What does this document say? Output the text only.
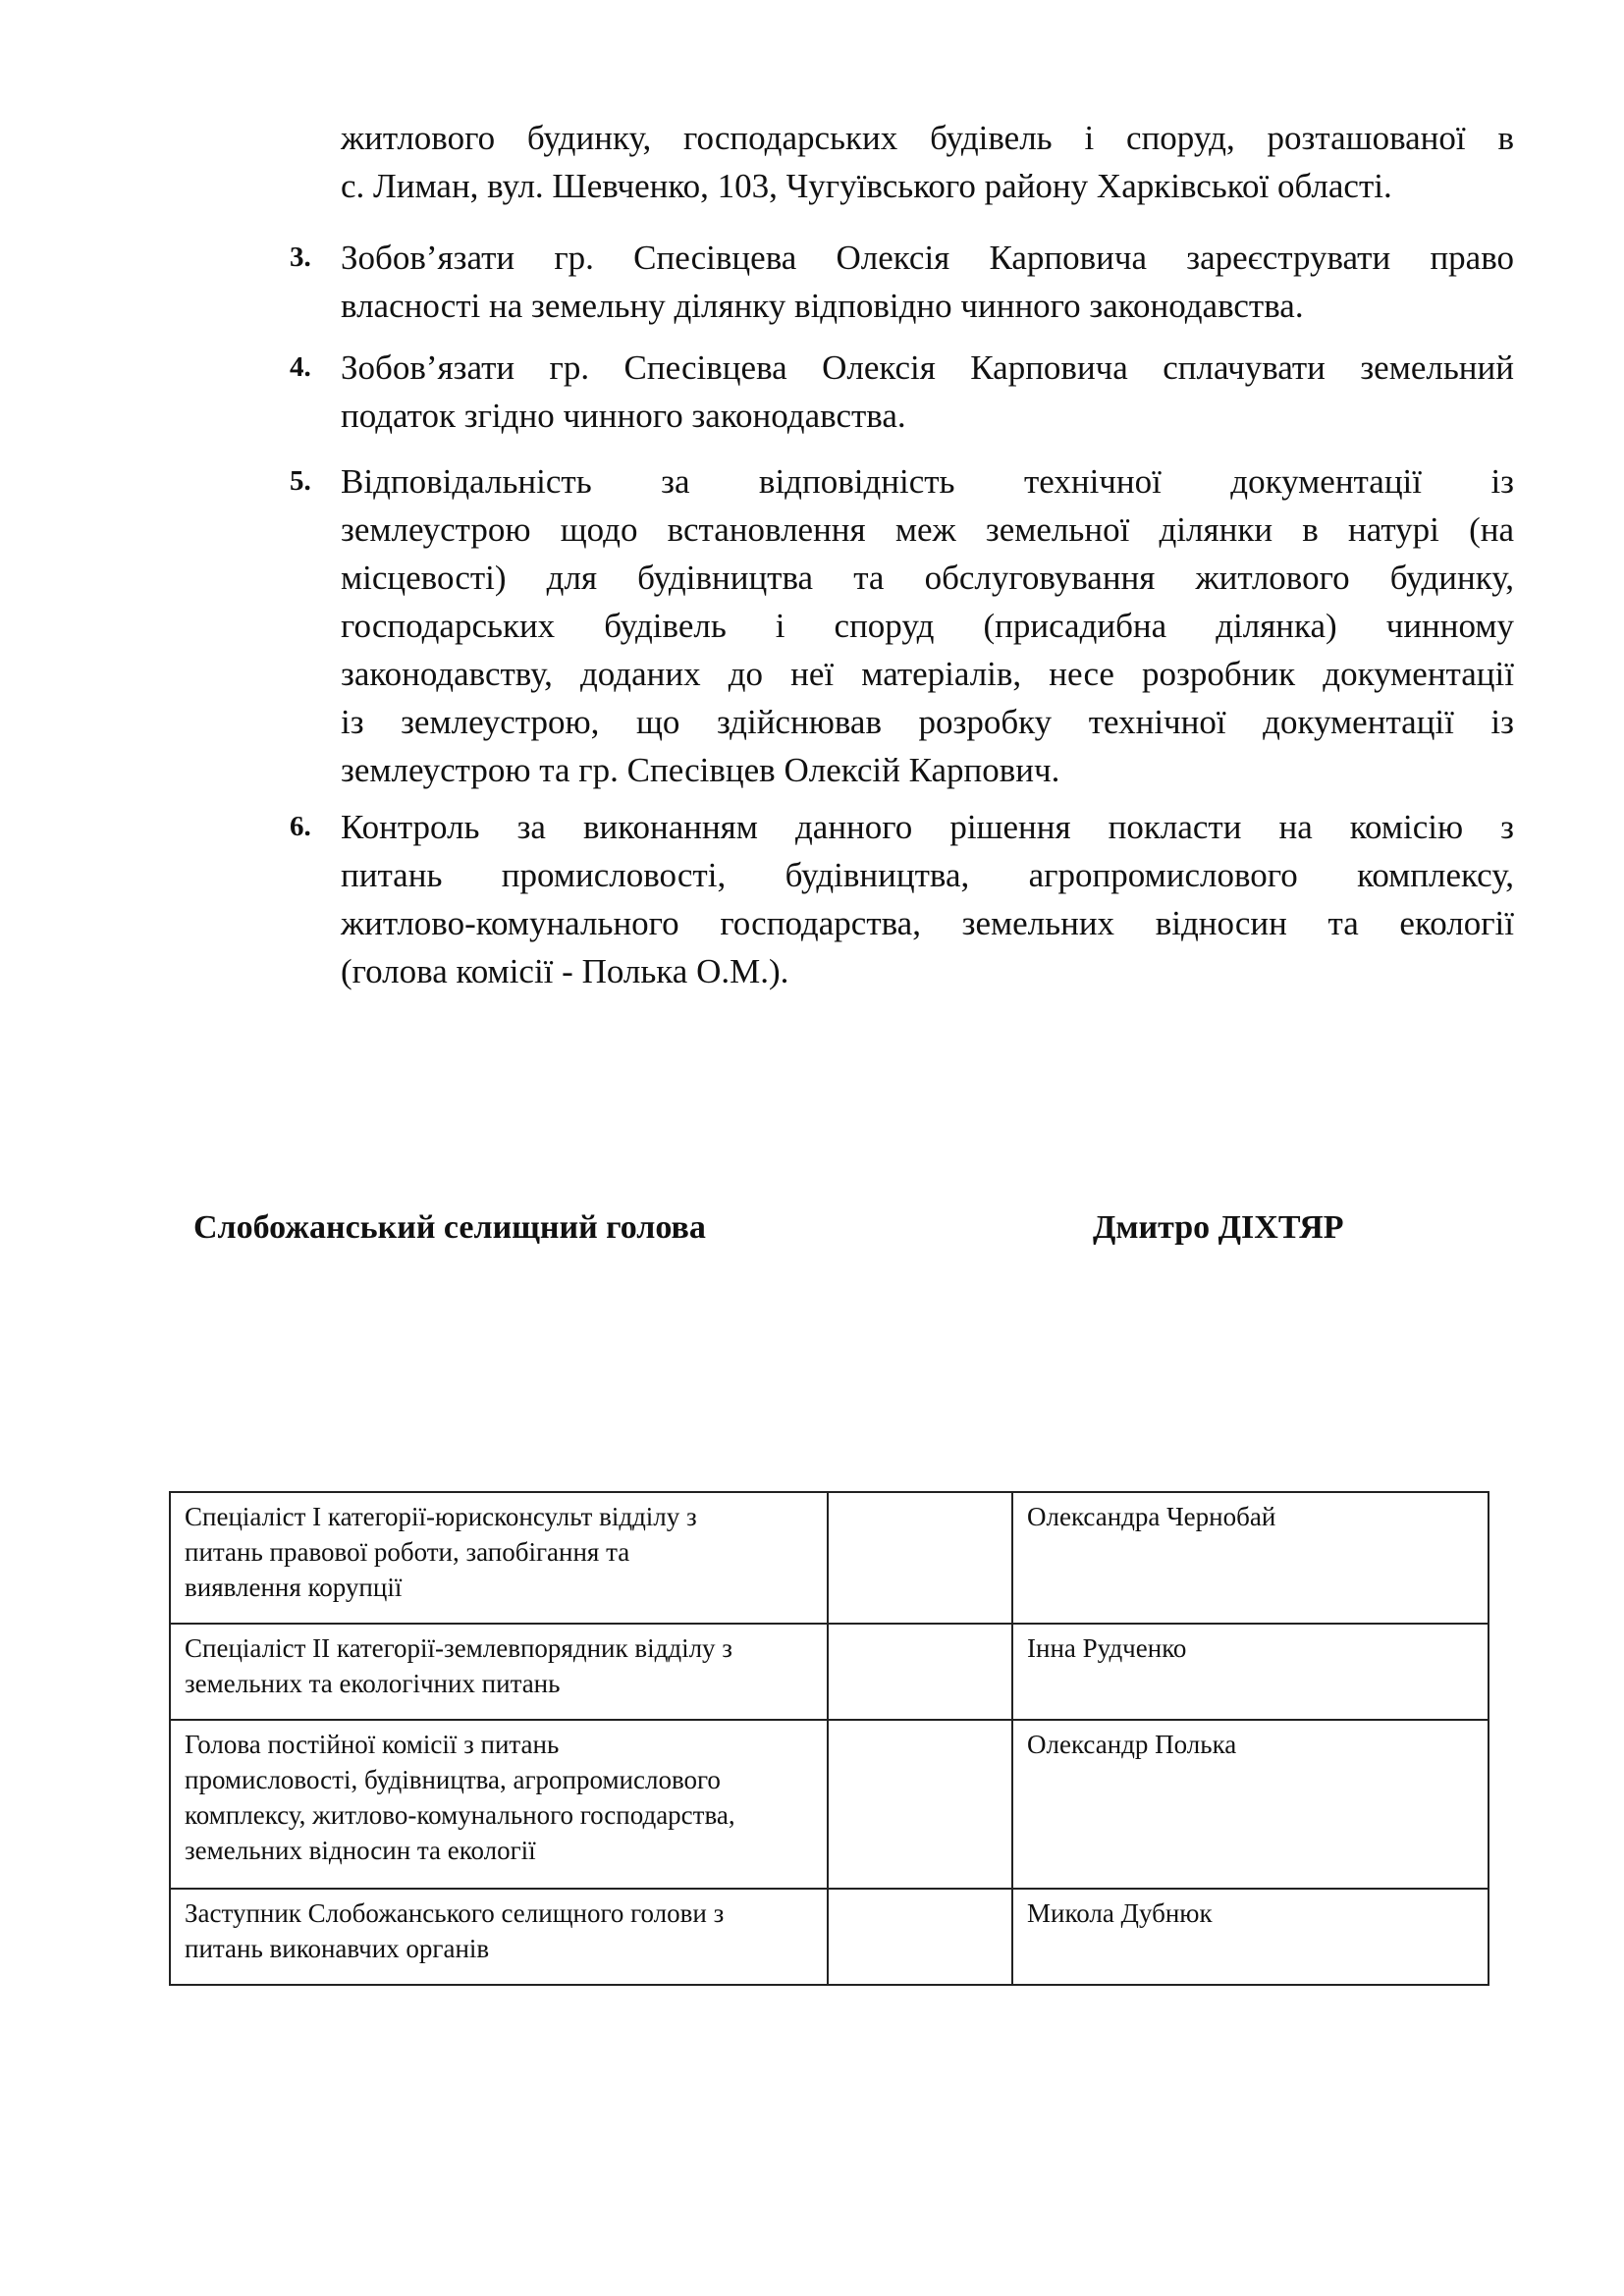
житлового будинку, господарських будівель і споруд, розташованої в
с. Лиман, вул. Шевченко, 103, Чугуївського району Харківської області.
3. Зобов’язати гр. Спесівцева Олексія Карповича зареєструвати право
власності на земельну ділянку відповідно чинного законодавства.
4. Зобов’язати гр. Спесівцева Олексія Карповича сплачувати земельний
податок згідно чинного законодавства.
5. Відповідальність за відповідність технічної документації із
землеустрою щодо встановлення меж земельної ділянки в натурі (на
місцевості) для будівництва та обслуговування житлового будинку,
господарських будівель і споруд (присадибна ділянка) чинному
законодавству, доданих до неї матеріалів, несе розробник документації
із землеустрою, що здійснював розробку технічної документації із
землеустрою та гр. Спесівцев Олексій Карпович.
6. Контроль за виконанням данного рішення покласти на комісію з
питань промисловості, будівництва, агропромислового комплексу,
житлово-комунального господарства, земельних відносин та екології
(голова комісії - Полька О.М.).
Слобожанський селищний голова	Дмитро ДІХТЯР
Спеціаліст І категорії-юрисконсульт відділу з
питань правової роботи, запобігання та
виявлення корупції		Олександра Чернобай

Спеціаліст ІІ категорії-землевпорядник відділу з
земельних та екологічних питань		Інна Рудченко

Голова постійної комісії з питань
промисловості, будівництва, агропромислового
комплексу, житлово-комунального господарства,
земельних відносин та екології		Олександр Полька

Заступник Слобожанського селищного голови з
питань виконавчих органів		Микола Дубнюк
